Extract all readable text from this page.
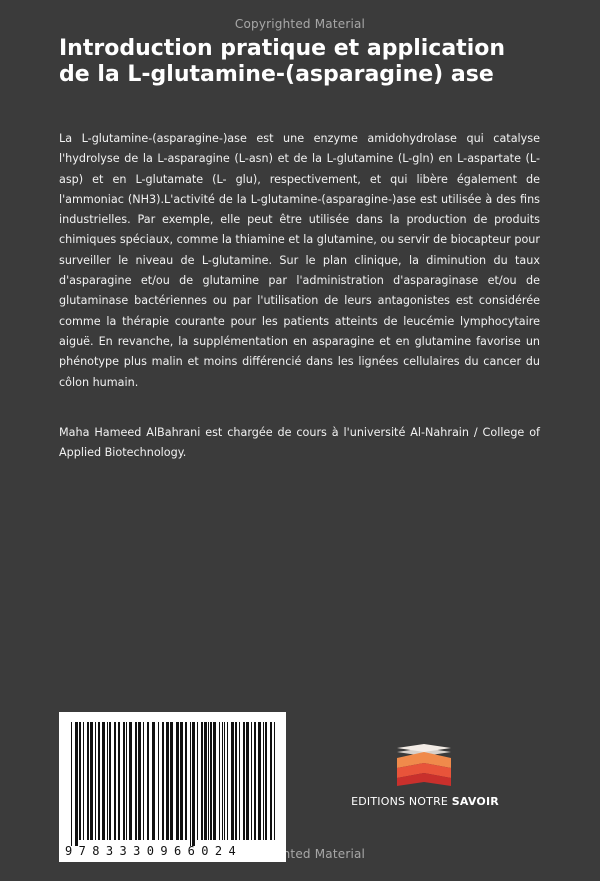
Copyrighted Material
Introduction pratique et application de la L-glutamine-(asparagine) ase

La L-glutamine-(asparagine-)ase est une enzyme amidohydrolase qui catalyse l'hydrolyse de la L-asparagine (L-asn) et de la L-glutamine (L-gln) en L-aspartate (L-asp) et en L-glutamate (L- glu), respectivement, et qui libère également de l'ammoniac (NH3).L'activité de la L-glutamine-(asparagine-)ase est utilisée à des fins industrielles. Par exemple, elle peut être utilisée dans la production de produits chimiques spéciaux, comme la thiamine et la glutamine, ou servir de biocapteur pour surveiller le niveau de L-glutamine. Sur le plan clinique, la diminution du taux d'asparagine et/ou de glutamine par l'administration d'asparaginase et/ou de glutaminase bactériennes ou par l'utilisation de leurs antagonistes est considérée comme la thérapie courante pour les patients atteints de leucémie lymphocytaire aiguë. En revanche, la supplémentation en asparagine et en glutamine favorise un phénotype plus malin et moins différencié dans les lignées cellulaires du cancer du côlon humain.

Maha Hameed AlBahrani est chargée de cours à l'université Al-Nahrain / College of Applied Biotechnology.

9783330966024
EDITIONS NOTRE SAVOIR
Copyrighted Material
